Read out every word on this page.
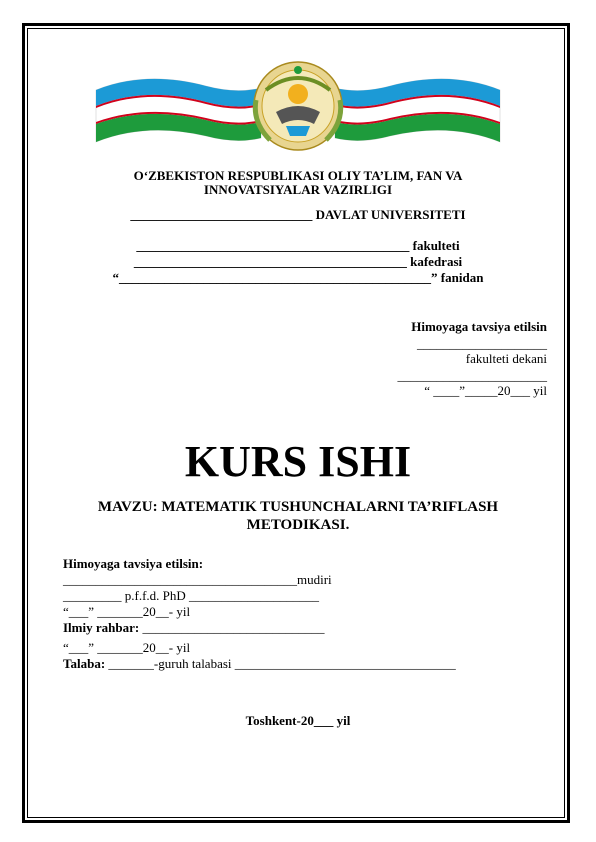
O‘ZBEKISTON RESPUBLIKASI OLIY TA’LIM, FAN VA
INNOVATSIYALAR VAZIRLIGI
____________________________ DAVLAT UNIVERSITETI
__________________________________________ fakulteti
__________________________________________ kafedrasi
“________________________________________________” fanidan
Himoyaga tavsiya etilsin
____________________
fakulteti dekani
_______________________
“ ____”_____20___ yil
KURS ISHI
MAVZU: MATEMATIK TUSHUNCHALARNI TA’RIFLASH
METODIKASI.
Himoyaga tavsiya etilsin:
____________________________________mudiri
_________ p.f.f.d. PhD ____________________
“___” _______20__- yil
Ilmiy rahbar: ____________________________
“___” _______20__- yil
Talaba: _______-guruh talabasi __________________________________
Toshkent-20___ yil
